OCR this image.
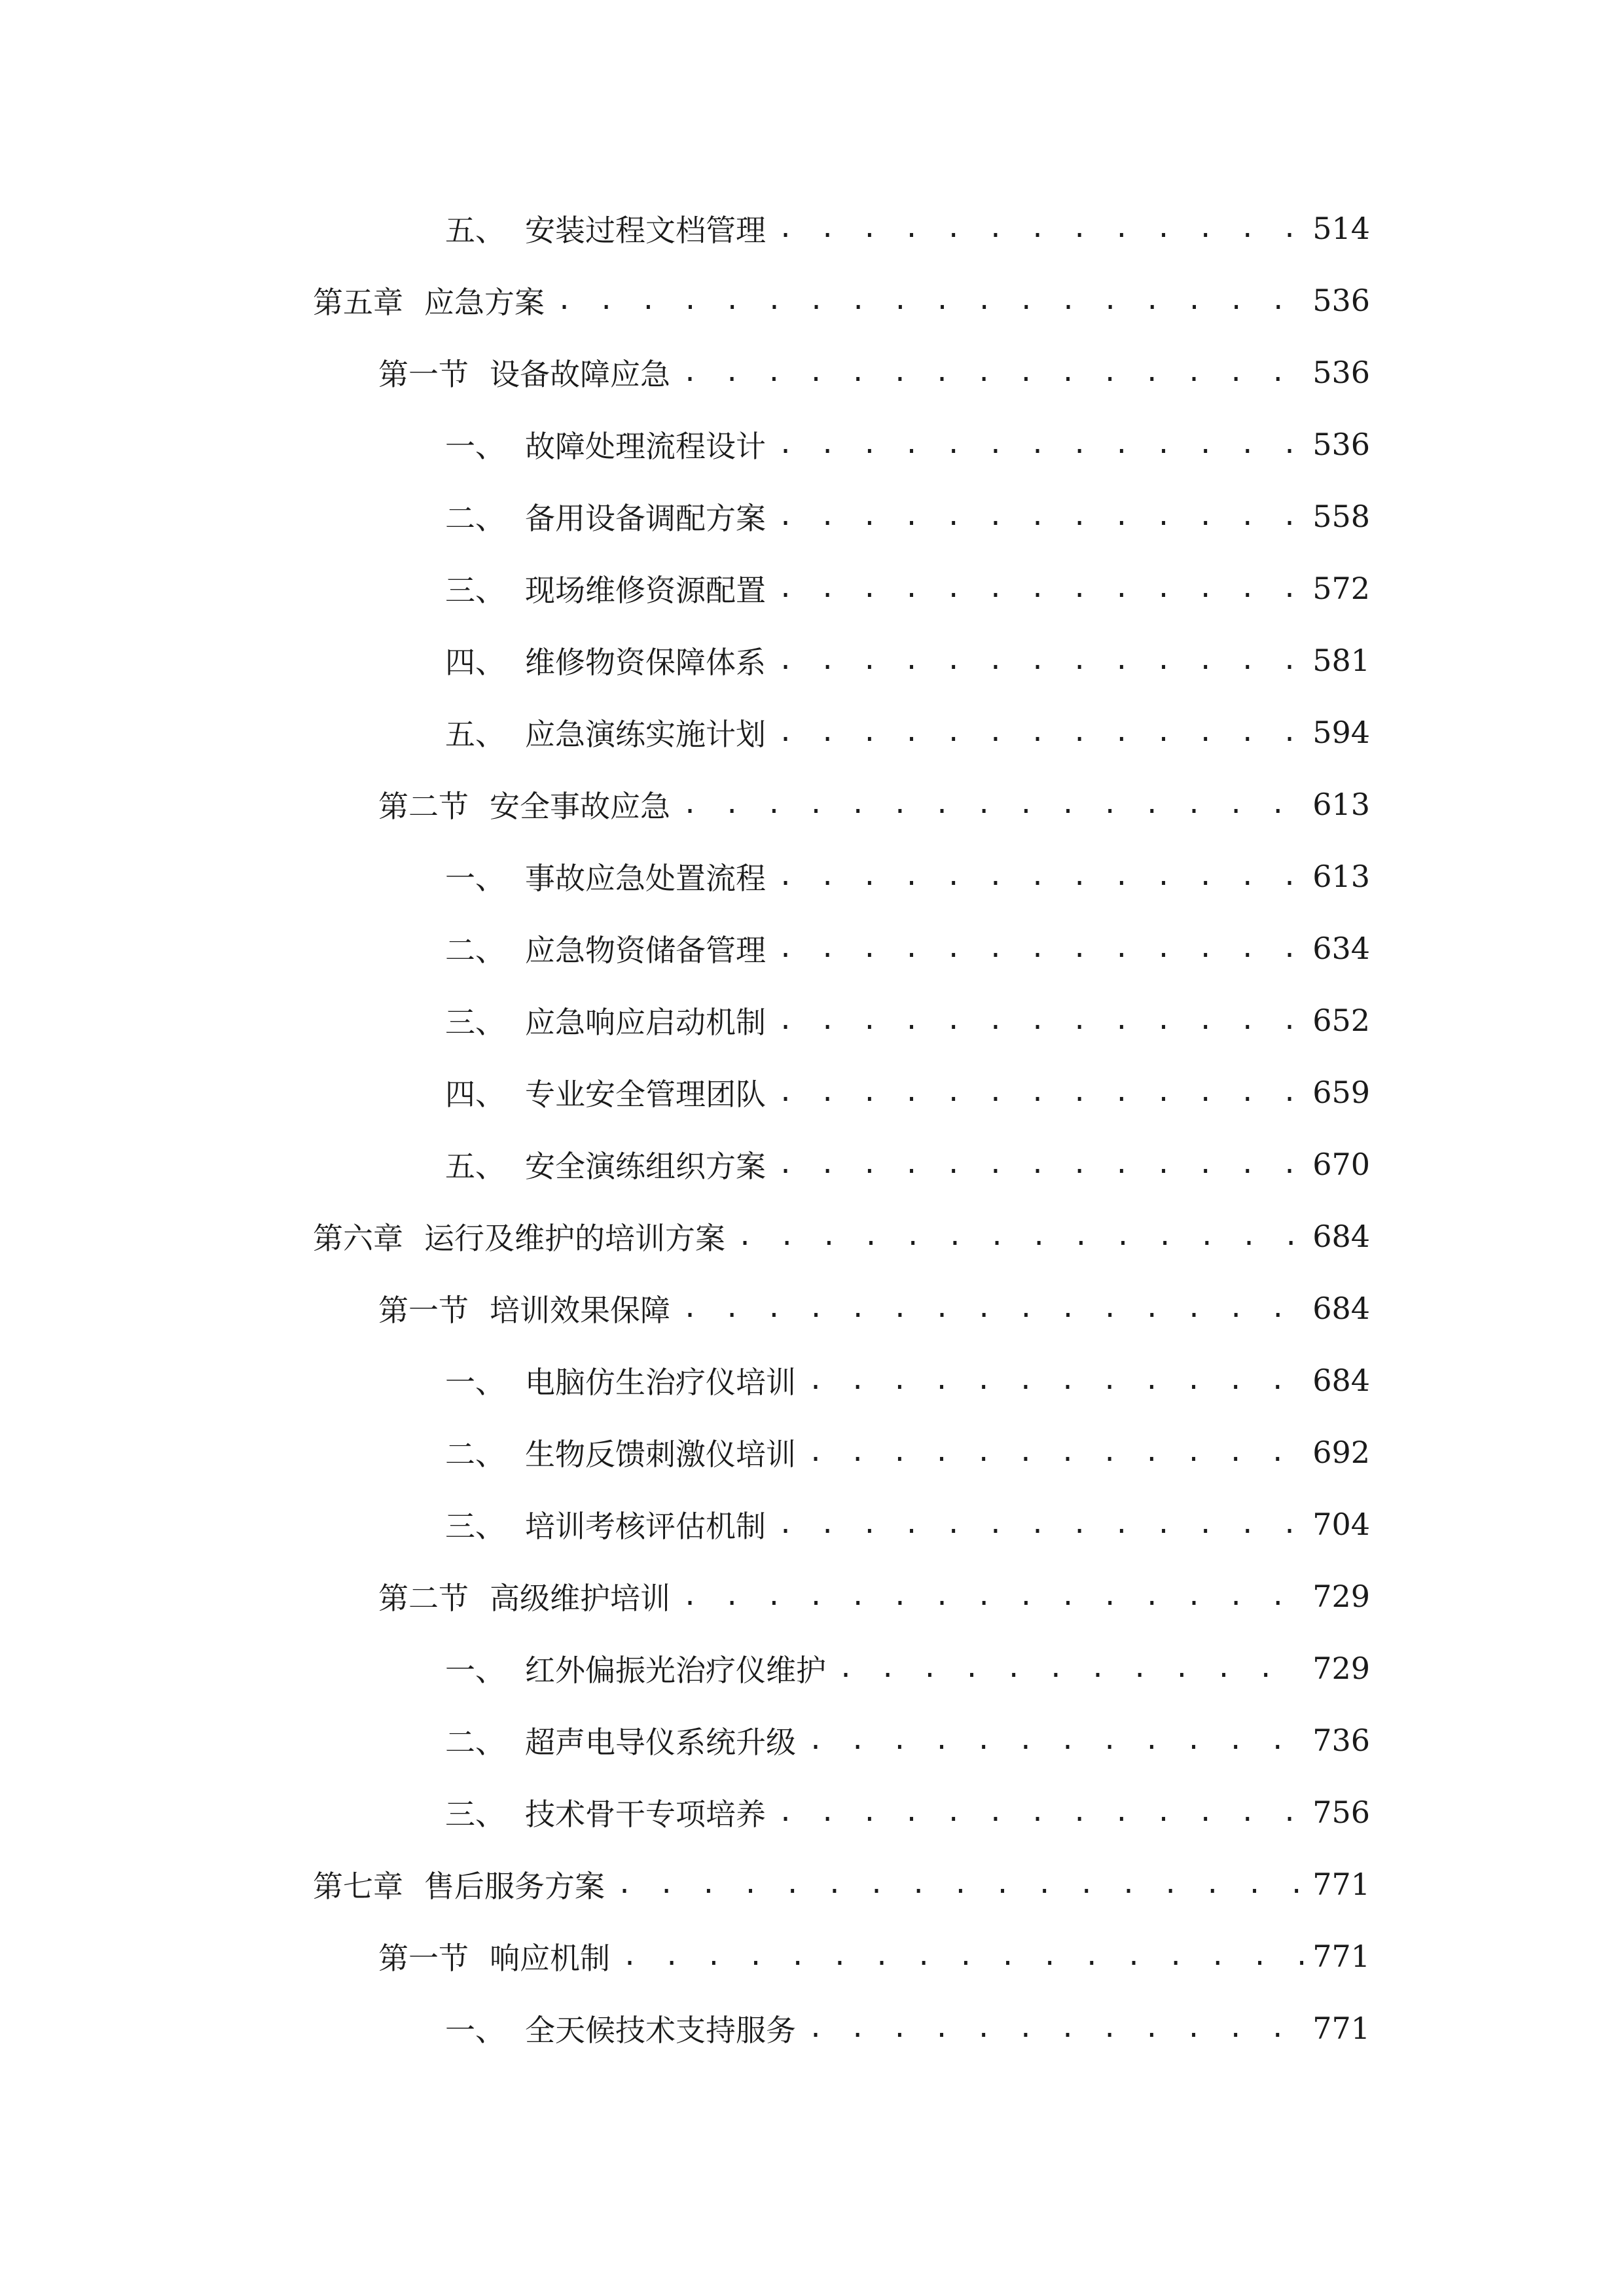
五、 安装过程文档管理 . . .	514
第五章 应急方案 . . .	536
第一节 设备故障应急 . . .	536
一、 故障处理流程设计 . . .	536
二、 备用设备调配方案 . . .	558
三、 现场维修资源配置 . . .	572
四、 维修物资保障体系 . . .	581
五、 应急演练实施计划 . . .	594
第二节 安全事故应急 . . .	613
一、 事故应急处置流程 . . .	613
二、 应急物资储备管理 . . .	634
三、 应急响应启动机制 . . .	652
四、 专业安全管理团队 . . .	659
五、 安全演练组织方案 . . .	670
第六章 运行及维护的培训方案 . . .	684
第一节 培训效果保障 . . .	684
一、 电脑仿生治疗仪培训 . . .	684
二、 生物反馈刺激仪培训 . . .	692
三、 培训考核评估机制 . . .	704
第二节 高级维护培训 . . .	729
一、 红外偏振光治疗仪维护 . . .	729
二、 超声电导仪系统升级 . . .	736
三、 技术骨干专项培养 . . .	756
第七章 售后服务方案 . . .	771
第一节 响应机制 . . .	771
一、 全天候技术支持服务 . . .	771
